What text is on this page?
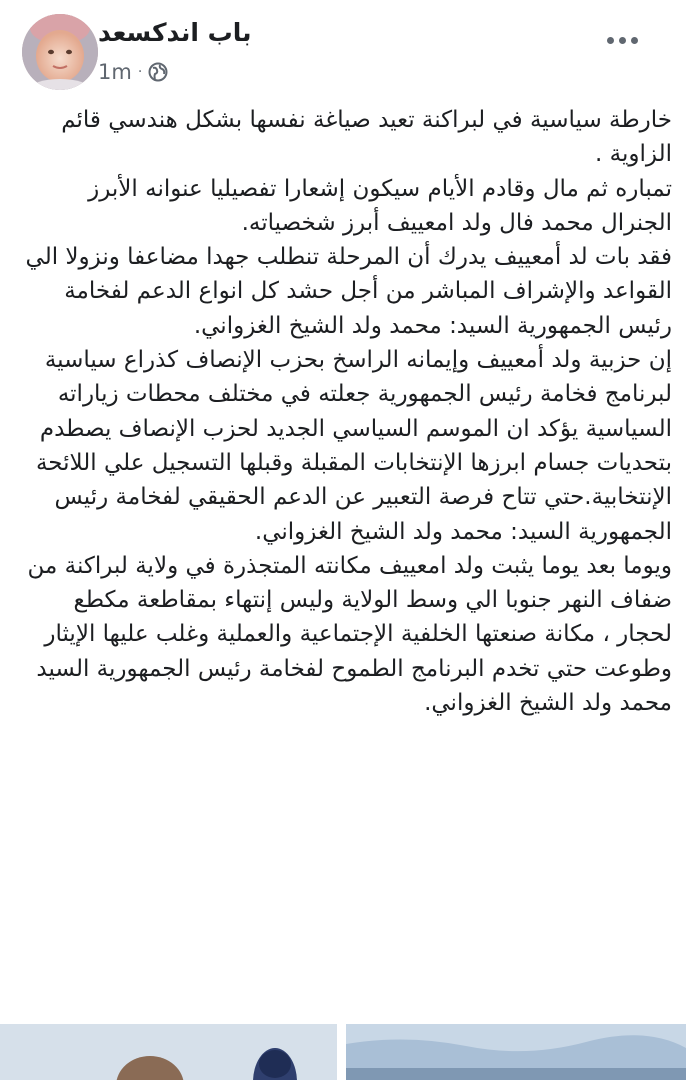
باب اندكسعد
1m ·

خارطة سياسية في لبراكنة تعيد صياغة نفسها بشكل هندسي قائم الزاوية .

تمباره ثم مال وقادم الأيام سيكون إشعارا تفصيليا عنوانه الأبرز الجنرال محمد فال ولد امعييف أبرز شخصياته.

فقد بات لد أمعييف يدرك أن المرحلة تنطلب جهدا مضاعفا ونزولا الي القواعد والإشراف المباشر من أجل حشد كل انواع الدعم لفخامة رئيس الجمهورية السيد: محمد ولد الشيخ الغزواني.

إن حزبية ولد أمعييف وإيمانه الراسخ بحزب الإنصاف كذراع سياسية لبرنامج فخامة رئيس الجمهورية جعلته في مختلف محطات زياراته السياسية يؤكد ان الموسم السياسي الجديد لحزب الإنصاف يصطدم بتحديات جسام ابرزها الإنتخابات المقبلة وقبلها التسجيل علي اللائحة الإنتخابية.حتي تتاح فرصة التعبير عن الدعم الحقيقي لفخامة رئيس الجمهورية السيد: محمد ولد الشيخ الغزواني.

ويوما بعد يوما يثبت ولد امعييف مكانته المتجذرة في ولاية لبراكنة من ضفاف النهر جنوبا الي وسط الولاية وليس إنتهاء بمقاطعة مكطع لحجار ، مكانة صنعتها الخلفية الإجتماعية والعملية وغلب عليها الإيثار وطوعت حتي تخدم البرنامج الطموح لفخامة رئيس الجمهورية السيد محمد ولد الشيخ الغزواني.
